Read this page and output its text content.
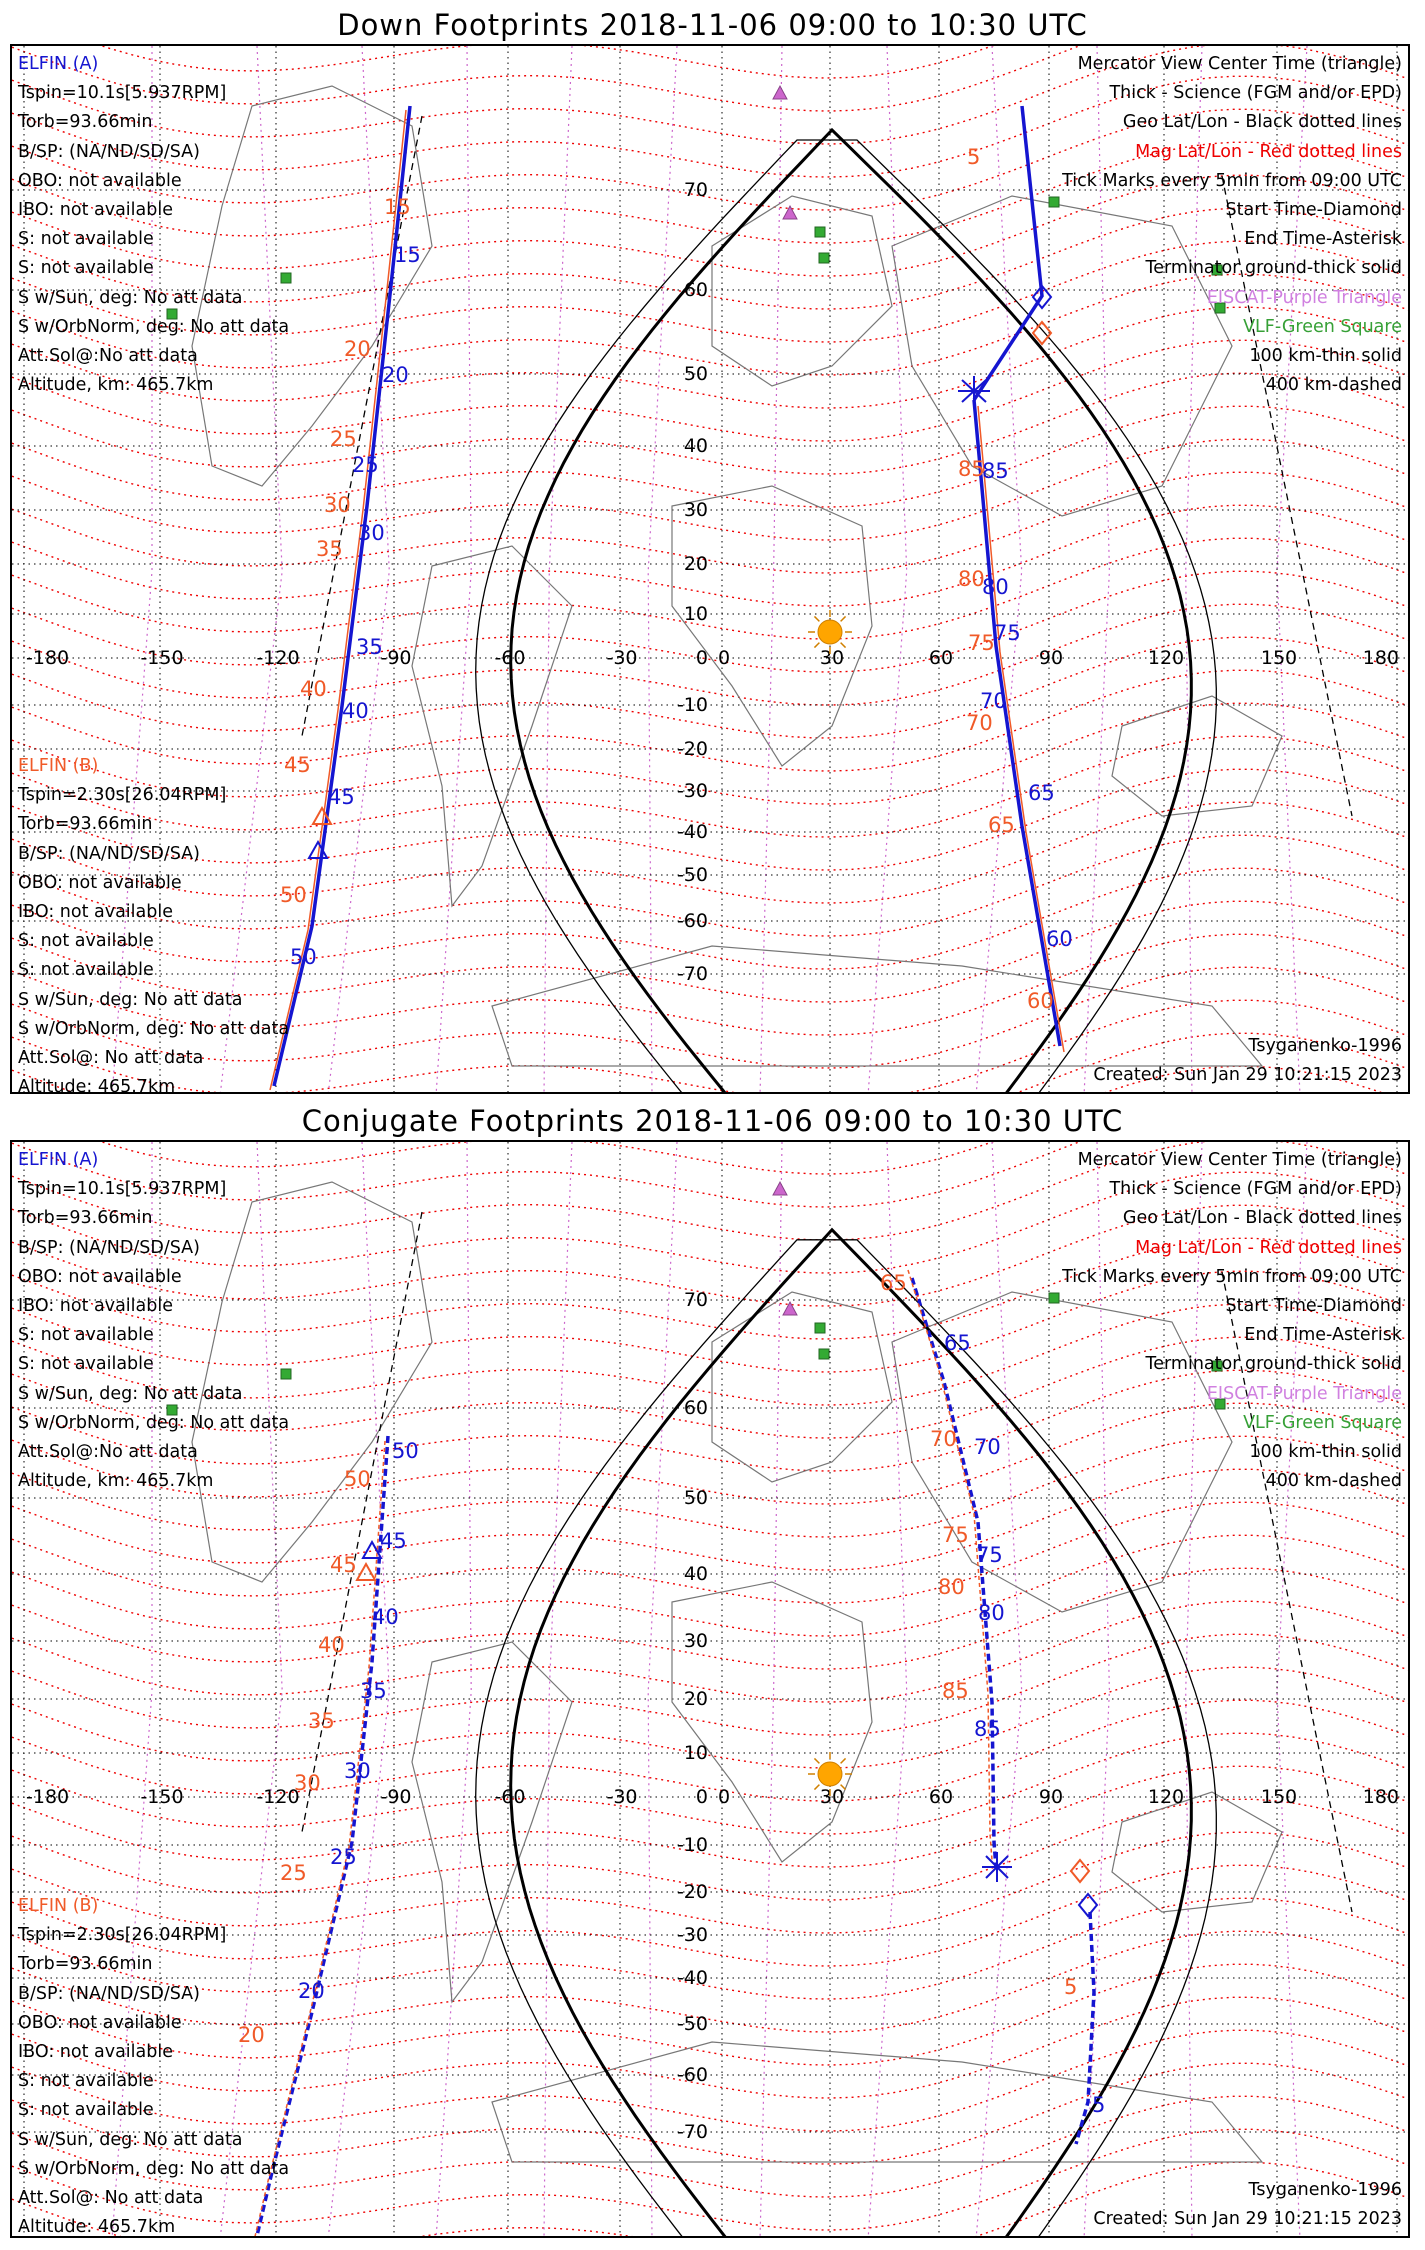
Down Footprints 2018-11-06 09:00 to 10:30 UTC
-180	-150	-120	-90	-60	-30	0	30	60	90	120	150	180
70
60
50
40
30
20
10
0
-10
-20
-30
-40
-50
-60
-70
15
15
20
20
25
25
30
30
35
35
40
40
45
45
50
50
5
85
85
80
80
75
75
70
70
65
65
60
60
ELFIN (A)
Tspin=10.1s[5.937RPM]
Torb=93.66min
B/SP: (NA/ND/SD/SA)
OBO: not available
IBO: not available
S: not available
S: not available
S w/Sun, deg: No att data
S w/OrbNorm, deg: No att data
Att.Sol@:No att data
Altitude, km: 465.7km
ELFIN (B)
Tspin=2.30s[26.04RPM]
Torb=93.66min
B/SP: (NA/ND/SD/SA)
OBO: not available
IBO: not available
S: not available
S: not available
S w/Sun, deg: No att data
S w/OrbNorm, deg: No att data
Att.Sol@: No att data
Altitude: 465.7km
Mercator View Center Time (triangle)
Thick - Science (FGM and/or EPD)
Geo Lat/Lon - Black dotted lines
Mag Lat/Lon - Red dotted lines
Tick Marks every 5min from 09:00 UTC
Start Time-Diamond
End Time-Asterisk
Terminator ground-thick solid
EISCAT-Purple Triangle
VLF-Green Square
100 km-thin solid
400 km-dashed
Tsyganenko-1996
Created: Sun Jan 29 10:21:15 2023
Conjugate Footprints 2018-11-06 09:00 to 10:30 UTC
-180	-150	-120	-90	-60	-30	0	30	60	90	120	150	180
70
60
50
40
30
20
10
0
-10
-20
-30
-40
-50
-60
-70
50
50
45
45
40
40
35
35
30
30
25
25
20
20
65
65
70 70
75
75
80
80
85
85
5
5
ELFIN (A)
Tspin=10.1s[5.937RPM]
Torb=93.66min
B/SP: (NA/ND/SD/SA)
OBO: not available
IBO: not available
S: not available
S: not available
S w/Sun, deg: No att data
S w/OrbNorm, deg: No att data
Att.Sol@:No att data
Altitude, km: 465.7km
ELFIN (B)
Tspin=2.30s[26.04RPM]
Torb=93.66min
B/SP: (NA/ND/SD/SA)
OBO: not available
IBO: not available
S: not available
S: not available
S w/Sun, deg: No att data
S w/OrbNorm, deg: No att data
Att.Sol@: No att data
Altitude: 465.7km
Mercator View Center Time (triangle)
Thick - Science (FGM and/or EPD)
Geo Lat/Lon - Black dotted lines
Mag Lat/Lon - Red dotted lines
Tick Marks every 5min from 09:00 UTC
Start Time-Diamond
End Time-Asterisk
Terminator ground-thick solid
EISCAT-Purple Triangle
VLF-Green Square
100 km-thin solid
400 km-dashed
Tsyganenko-1996
Created: Sun Jan 29 10:21:15 2023
